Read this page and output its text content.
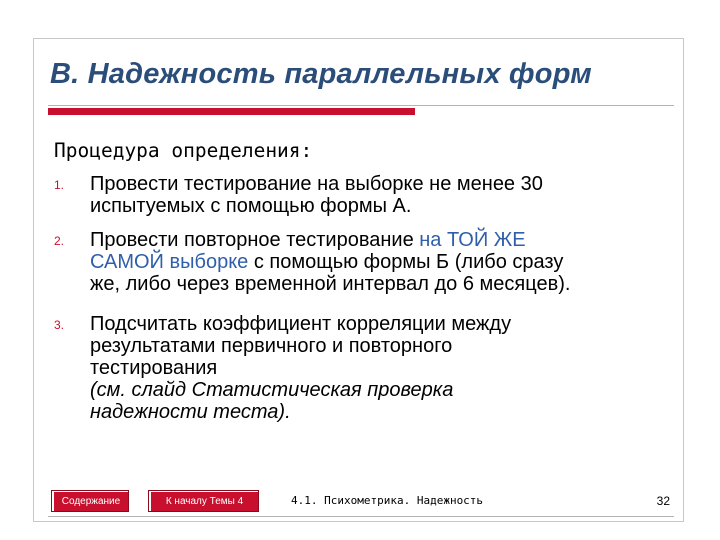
В. Надежность параллельных форм
Процедура определения:
1. Провести тестирование на выборке не менее 30
испытуемых с помощью формы А.
2. Провести повторное тестирование на ТОЙ ЖЕ
САМОЙ выборке с помощью формы Б (либо сразу
же, либо через временной интервал до 6 месяцев).
3. Подсчитать коэффициент корреляции между
результатами первичного и повторного
тестирования
(см. слайд Статистическая проверка
надежности теста).
Содержание	К началу Темы 4	4.1. Психометрика. Надежность	32
